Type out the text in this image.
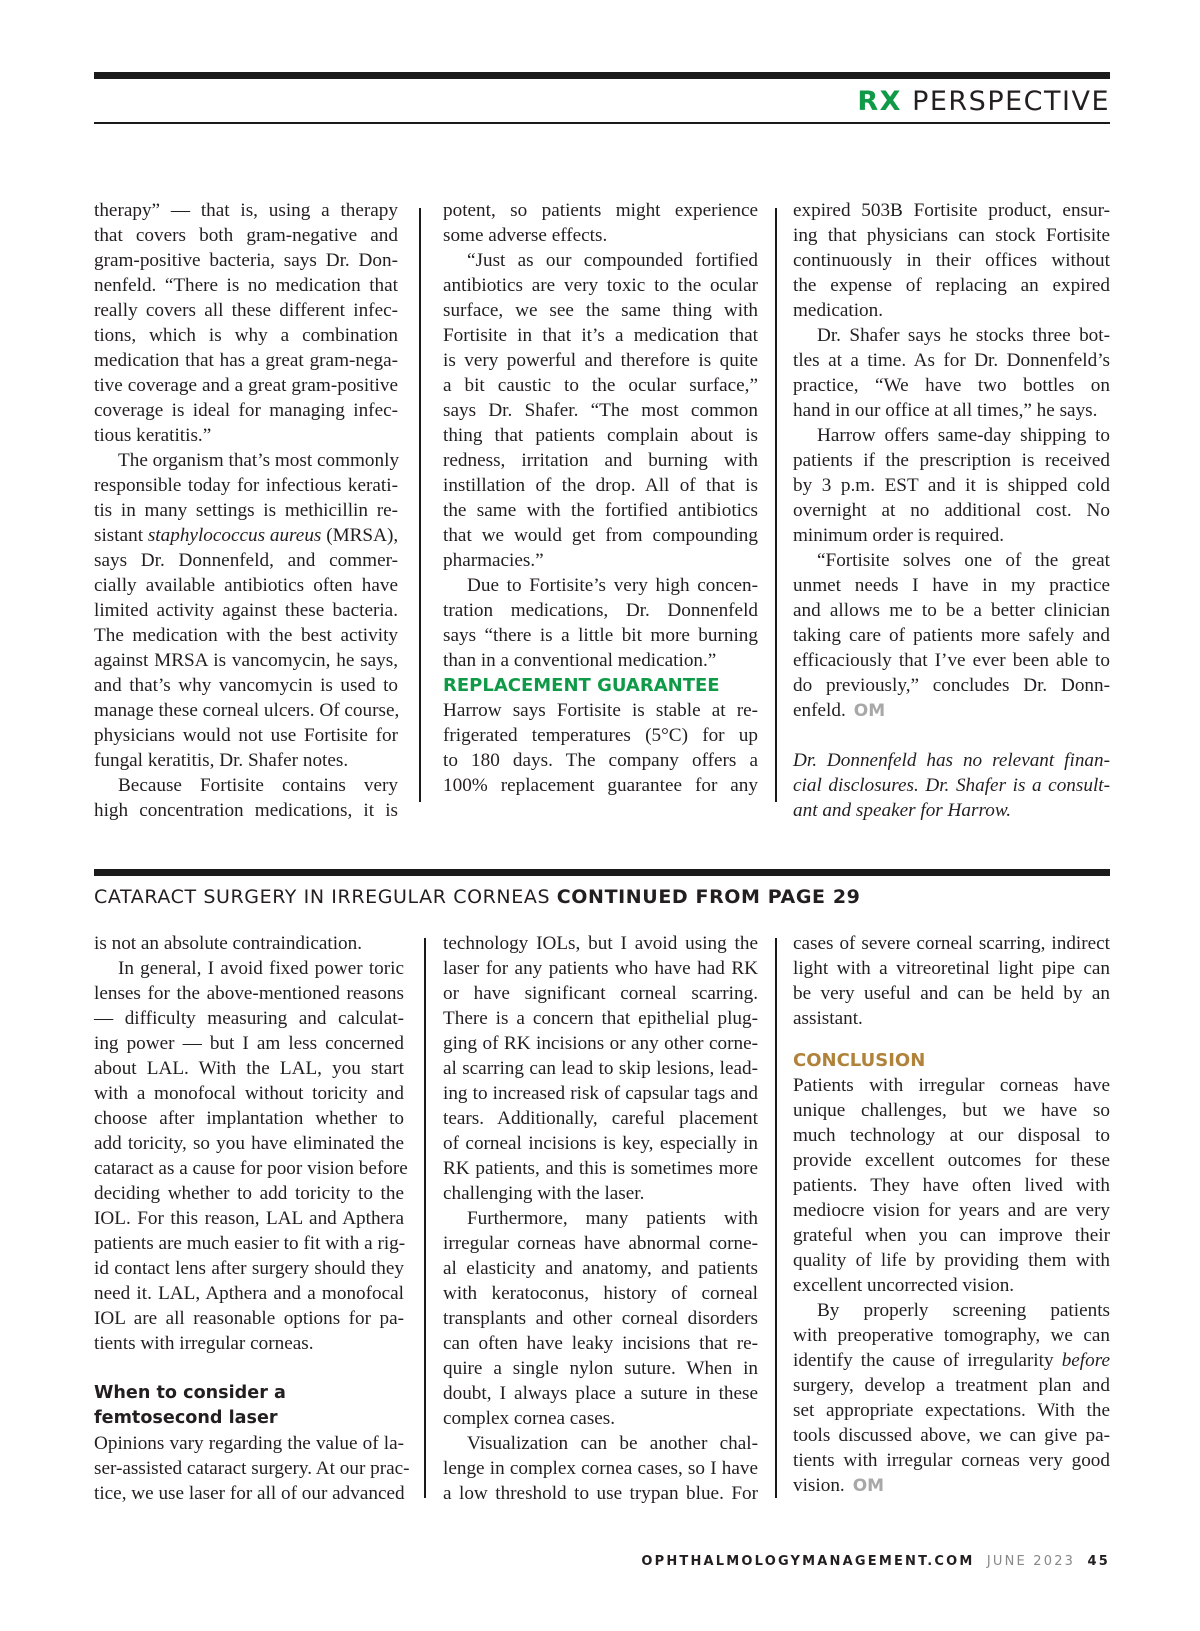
RX PERSPECTIVE
therapy” — that is, using a therapy
that covers both gram-negative and
gram-positive bacteria, says Dr. Don-
nenfeld. “There is no medication that
really covers all these different infec-
tions, which is why a combination
medication that has a great gram-nega-
tive coverage and a great gram-positive
coverage is ideal for managing infec-
tious keratitis.”
The organism that’s most commonly
responsible today for infectious kerati-
tis in many settings is methicillin re-
sistant staphylococcus aureus (MRSA),
says Dr. Donnenfeld, and commer-
cially available antibiotics often have
limited activity against these bacteria.
The medication with the best activity
against MRSA is vancomycin, he says,
and that’s why vancomycin is used to
manage these corneal ulcers. Of course,
physicians would not use Fortisite for
fungal keratitis, Dr. Shafer notes.
Because Fortisite contains very
high concentration medications, it is
potent, so patients might experience
some adverse effects.
“Just as our compounded fortified
antibiotics are very toxic to the ocular
surface, we see the same thing with
Fortisite in that it’s a medication that
is very powerful and therefore is quite
a bit caustic to the ocular surface,”
says Dr. Shafer. “The most common
thing that patients complain about is
redness, irritation and burning with
instillation of the drop. All of that is
the same with the fortified antibiotics
that we would get from compounding
pharmacies.”
Due to Fortisite’s very high concen-
tration medications, Dr. Donnenfeld
says “there is a little bit more burning
than in a conventional medication.”
REPLACEMENT GUARANTEE
Harrow says Fortisite is stable at re-
frigerated temperatures (5°C) for up
to 180 days. The company offers a
100% replacement guarantee for any
expired 503B Fortisite product, ensur-
ing that physicians can stock Fortisite
continuously in their offices without
the expense of replacing an expired
medication.
Dr. Shafer says he stocks three bot-
tles at a time. As for Dr. Donnenfeld’s
practice, “We have two bottles on
hand in our office at all times,” he says.
Harrow offers same-day shipping to
patients if the prescription is received
by 3 p.m. EST and it is shipped cold
overnight at no additional cost. No
minimum order is required.
“Fortisite solves one of the great
unmet needs I have in my practice
and allows me to be a better clinician
taking care of patients more safely and
efficaciously that I’ve ever been able to
do previously,” concludes Dr. Donn-
enfeld. OM
Dr. Donnenfeld has no relevant finan-
cial disclosures. Dr. Shafer is a consult-
ant and speaker for Harrow.
CATARACT SURGERY IN IRREGULAR CORNEAS CONTINUED FROM PAGE 29
is not an absolute contraindication.
In general, I avoid fixed power toric
lenses for the above-mentioned reasons
— difficulty measuring and calculat-
ing power — but I am less concerned
about LAL. With the LAL, you start
with a monofocal without toricity and
choose after implantation whether to
add toricity, so you have eliminated the
cataract as a cause for poor vision before
deciding whether to add toricity to the
IOL. For this reason, LAL and Apthera
patients are much easier to fit with a rig-
id contact lens after surgery should they
need it. LAL, Apthera and a monofocal
IOL are all reasonable options for pa-
tients with irregular corneas.
When to consider a
femtosecond laser
Opinions vary regarding the value of la-
ser-assisted cataract surgery. At our prac-
tice, we use laser for all of our advanced
technology IOLs, but I avoid using the
laser for any patients who have had RK
or have significant corneal scarring.
There is a concern that epithelial plug-
ging of RK incisions or any other corne-
al scarring can lead to skip lesions, lead-
ing to increased risk of capsular tags and
tears. Additionally, careful placement
of corneal incisions is key, especially in
RK patients, and this is sometimes more
challenging with the laser.
Furthermore, many patients with
irregular corneas have abnormal corne-
al elasticity and anatomy, and patients
with keratoconus, history of corneal
transplants and other corneal disorders
can often have leaky incisions that re-
quire a single nylon suture. When in
doubt, I always place a suture in these
complex cornea cases.
Visualization can be another chal-
lenge in complex cornea cases, so I have
a low threshold to use trypan blue. For
cases of severe corneal scarring, indirect
light with a vitreoretinal light pipe can
be very useful and can be held by an
assistant.
CONCLUSION
Patients with irregular corneas have
unique challenges, but we have so
much technology at our disposal to
provide excellent outcomes for these
patients. They have often lived with
mediocre vision for years and are very
grateful when you can improve their
quality of life by providing them with
excellent uncorrected vision.
By properly screening patients
with preoperative tomography, we can
identify the cause of irregularity before
surgery, develop a treatment plan and
set appropriate expectations. With the
tools discussed above, we can give pa-
tients with irregular corneas very good
vision. OM
OPHTHALMOLOGYMANAGEMENT.COM JUNE 2023 45
